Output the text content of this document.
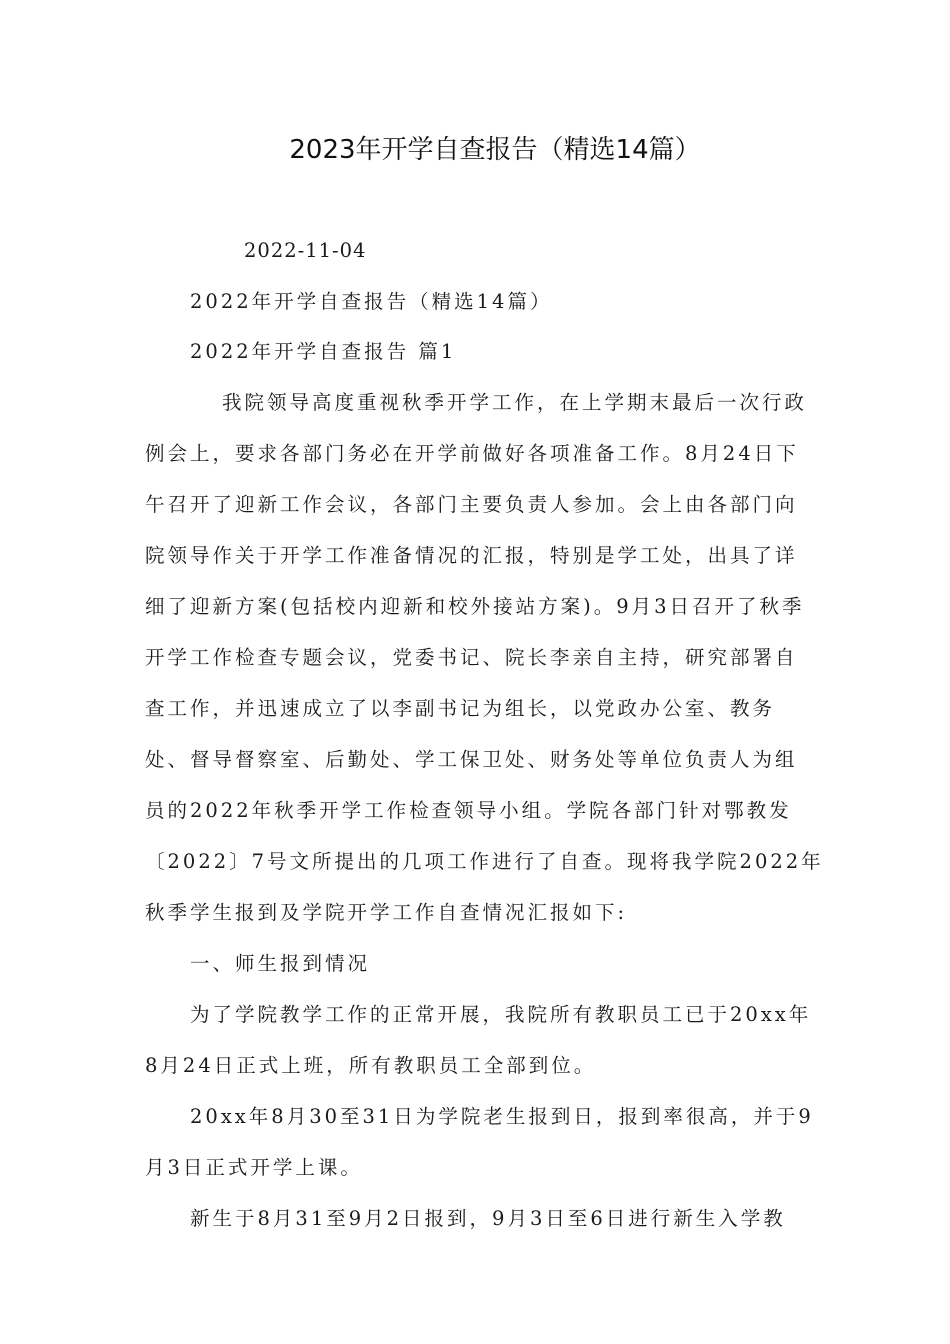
2023年开学自查报告（精选14篇）
2022-11-04
2022年开学自查报告（精选14篇）
2022年开学自查报告 篇1
我院领导高度重视秋季开学工作，在上学期末最后一次行政
例会上，要求各部门务必在开学前做好各项准备工作。8月24日下
午召开了迎新工作会议，各部门主要负责人参加。会上由各部门向
院领导作关于开学工作准备情况的汇报，特别是学工处，出具了详
细了迎新方案(包括校内迎新和校外接站方案)。9月3日召开了秋季
开学工作检查专题会议，党委书记、院长李亲自主持，研究部署自
查工作，并迅速成立了以李副书记为组长，以党政办公室、教务
处、督导督察室、后勤处、学工保卫处、财务处等单位负责人为组
员的2022年秋季开学工作检查领导小组。学院各部门针对鄂教发
〔2022〕7号文所提出的几项工作进行了自查。现将我学院2022年
秋季学生报到及学院开学工作自查情况汇报如下:
一、师生报到情况
为了学院教学工作的正常开展，我院所有教职员工已于20xx年
8月24日正式上班，所有教职员工全部到位。
20xx年8月30至31日为学院老生报到日，报到率很高，并于9
月3日正式开学上课。
新生于8月31至9月2日报到，9月3日至6日进行新生入学教
